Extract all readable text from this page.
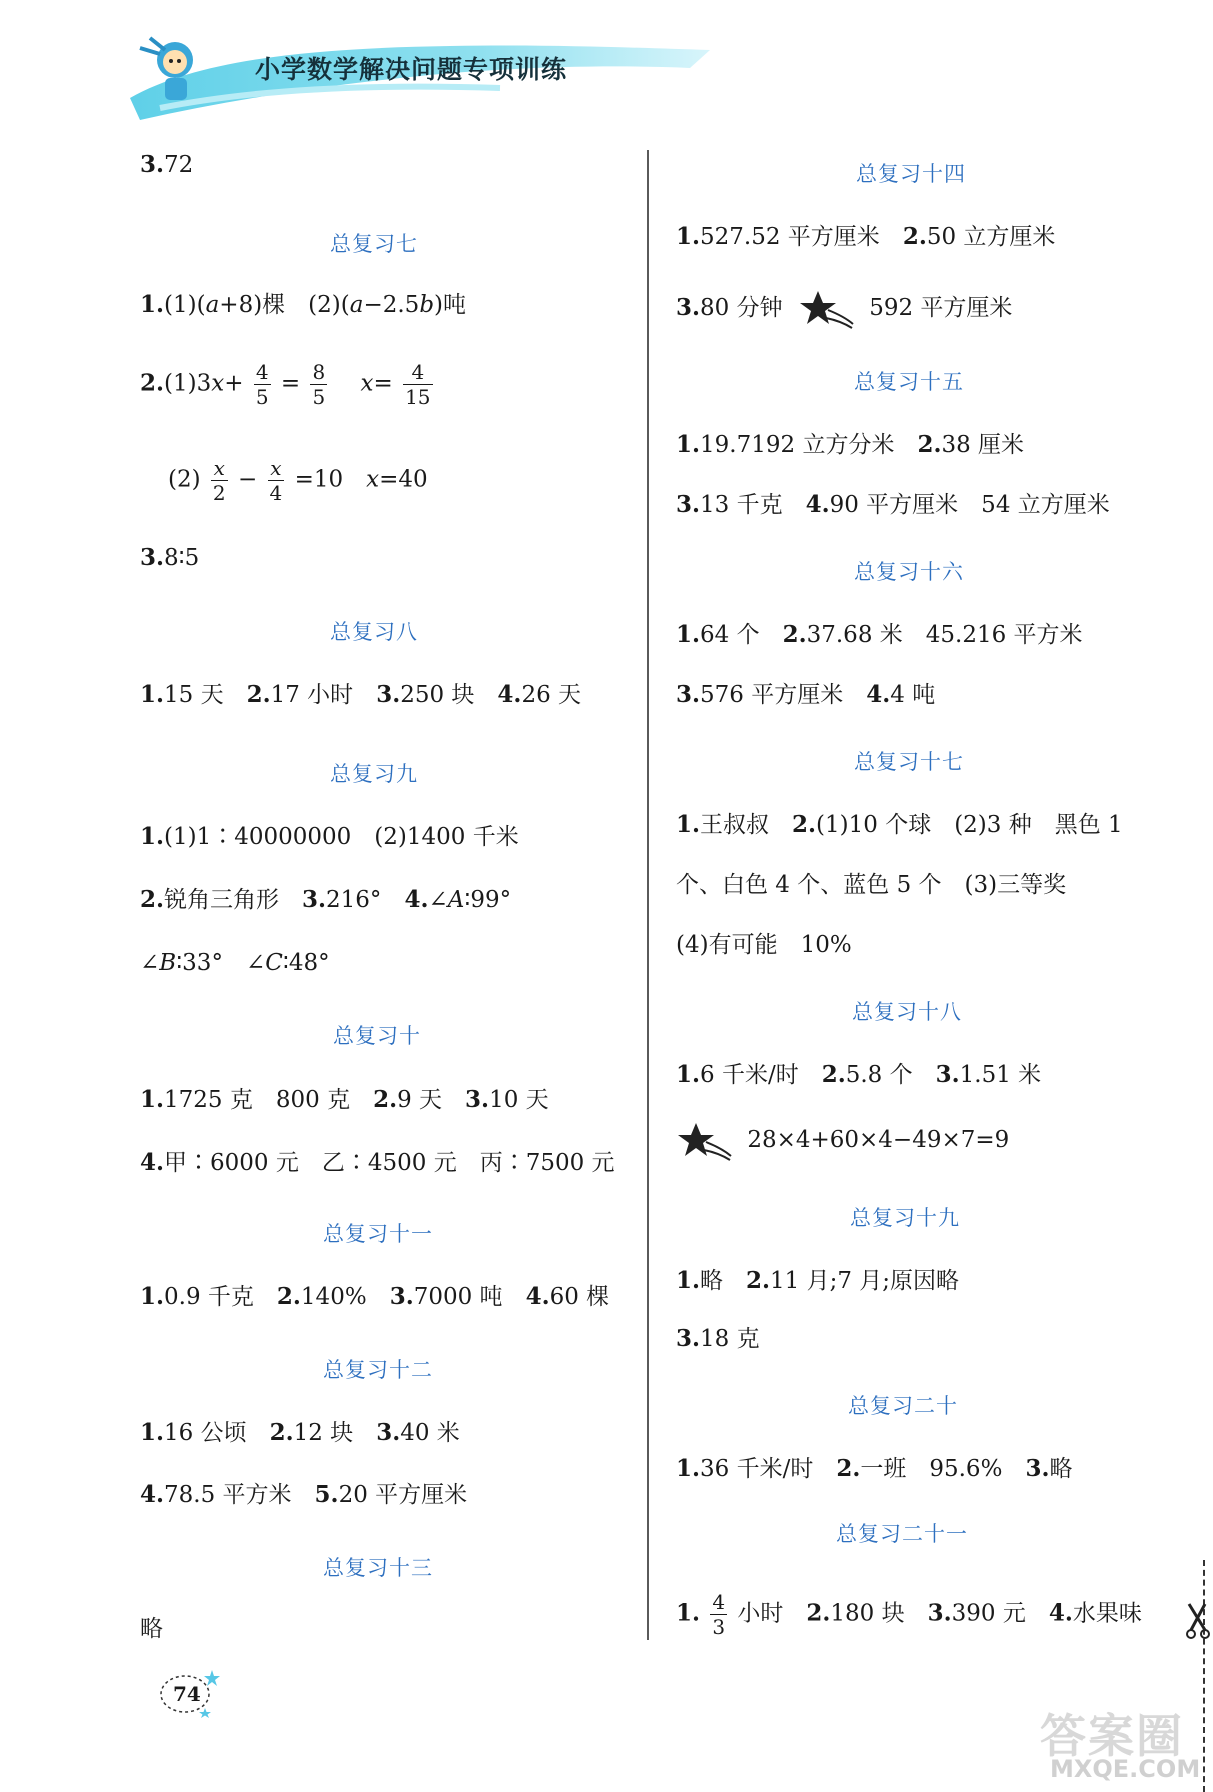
小学数学解决问题专项训练
3.72
总复习七
1.(1)(a+8)棵　(2)(a−2.5b)吨
$2.(1)3x+ \frac{4}{5} = \frac{8}{5}$
　 $x= \frac{4}{15}$
$(2) \frac{x}{2} - \frac{x}{4} =10$　x=40
3.8∶5
总复习八
1.15 天　 2.17 小时　 3.250 块　 4.26 天
总复习九
1.(1)1∶40000000　(2)1400 千米
2.锐角三角形　 3.216°　 4.∠A∶99°
∠B∶33°　∠C∶48°
总复习十
1.1725 克　800 克　 2.9 天　 3.10 天
4.甲∶6000 元　乙∶4500 元　丙∶7500 元
总复习十一
1.0.9 千克　 2.140%　 3.7000 吨　 4.60 棵
总复习十二
1.16 公顷　 2.12 块　 3.40 米
4.78.5 平方米　 5.20 平方厘米
总复习十三
略
总复习十四
1.527.52 平方厘米　 2.50 立方厘米
3.80 分钟	592 平方厘米
总复习十五
1.19.7192 立方分米　 2.38 厘米
3.13 千克　 4.90 平方厘米　54 立方厘米
总复习十六
1.64 个　 2.37.68 米　45.216 平方米
3.576 平方厘米　 4.4 吨
总复习十七
1.王叔叔　 2.(1)10 个球　(2)3 种　黑色 1
个、白色 4 个、蓝色 5 个　(3)三等奖
(4)有可能　10%
总复习十八
1.6 千米/时　 2.5.8 个　 3.1.51 米
28×4+60×4−49×7=9
总复习十九
1.略　 2.11 月;7 月;原因略
3.18 克
总复习二十
1.36 千米/时　 2.一班　95.6%　 3.略
总复习二十一
1. $\frac{4}{3}$ 小时　 2.180 块　 3.390 元　 4.水果味
74
答案圈
MXQE.COM
